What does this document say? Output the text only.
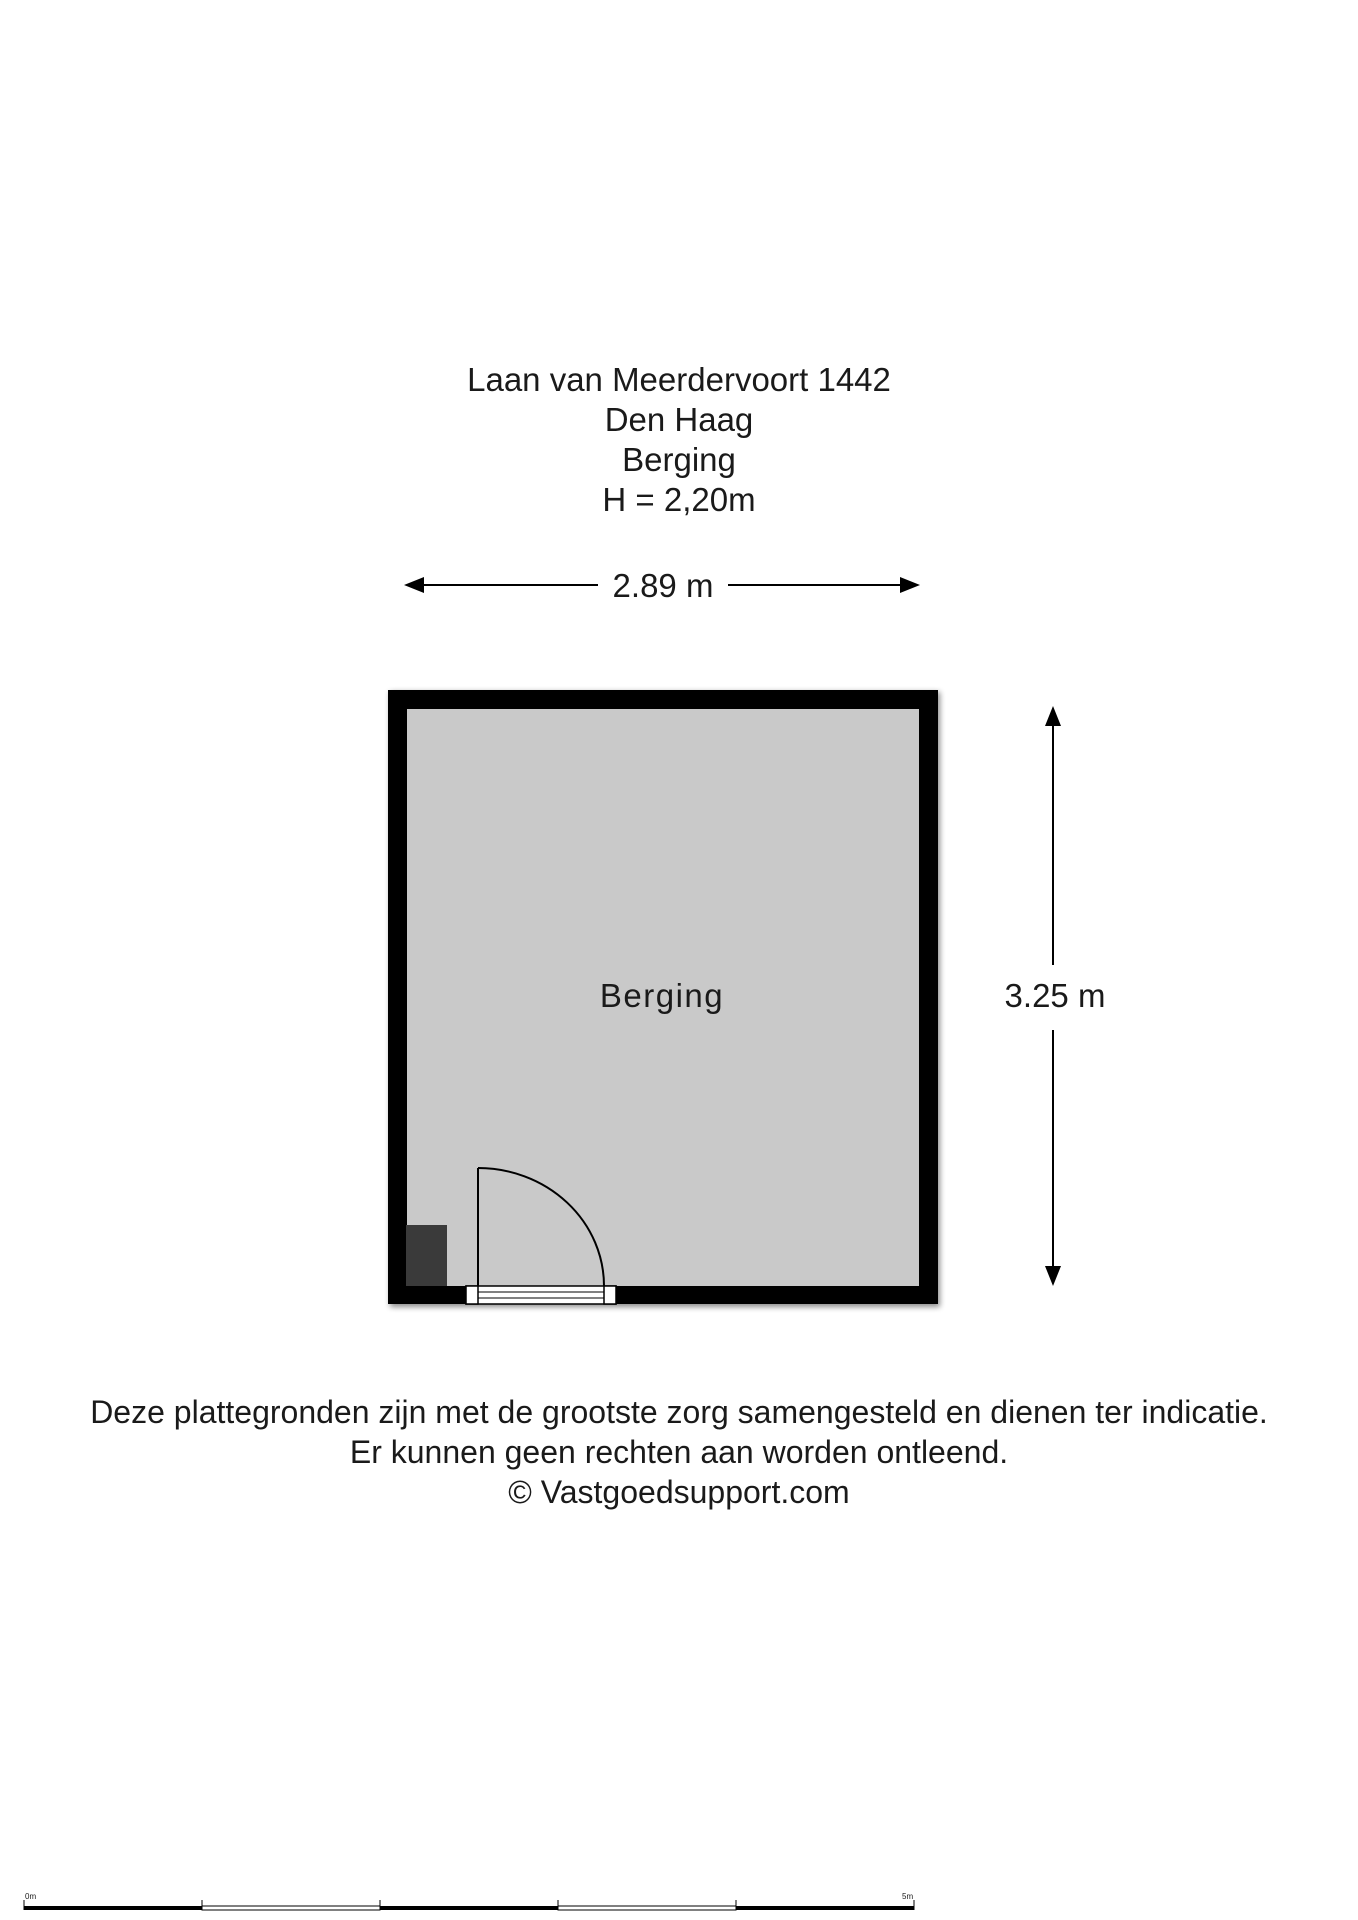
Laan van Meerdervoort 1442
Den Haag
Berging
H = 2,20m
2.89 m
3.25 m
Berging
0m	5m
Deze plattegronden zijn met de grootste zorg samengesteld en dienen ter indicatie.
Er kunnen geen rechten aan worden ontleend.
© Vastgoedsupport.com
